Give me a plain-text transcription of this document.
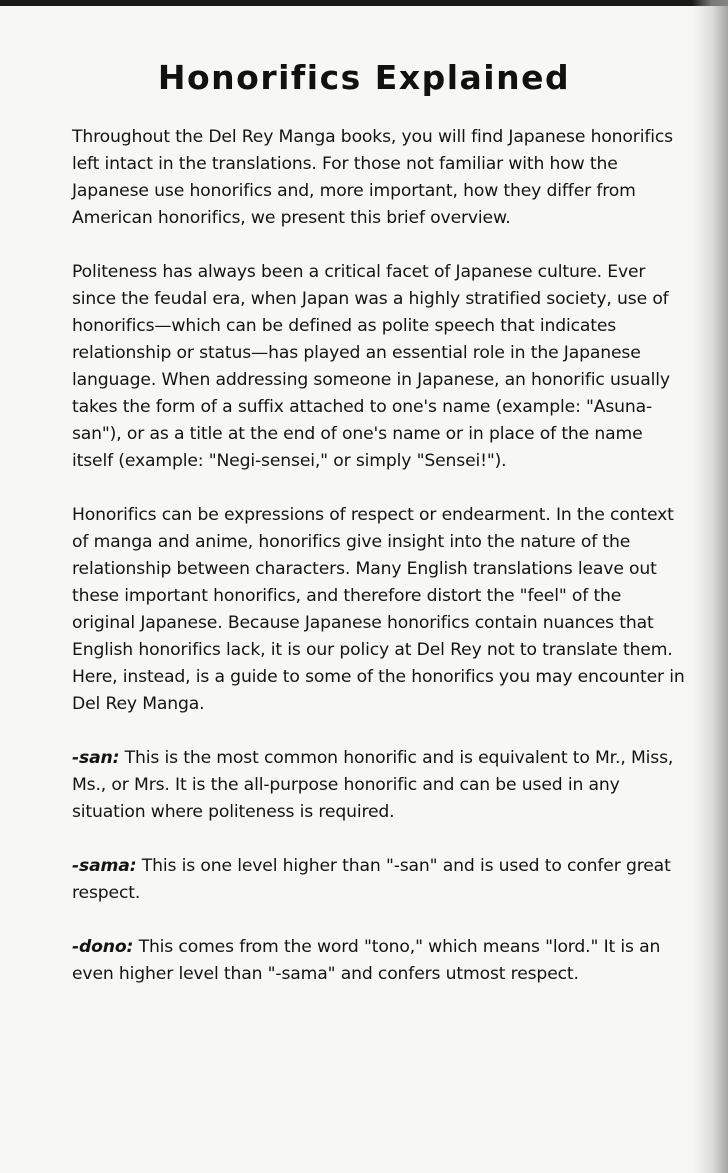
Honorifics Explained

Throughout the Del Rey Manga books, you will find Japanese honorifics left intact in the translations. For those not familiar with how the Japanese use honorifics and, more important, how they differ from American honorifics, we present this brief overview.

Politeness has always been a critical facet of Japanese culture. Ever since the feudal era, when Japan was a highly stratified society, use of honorifics—which can be defined as polite speech that indicates relationship or status—has played an essential role in the Japanese language. When addressing someone in Japanese, an honorific usually takes the form of a suffix attached to one's name (example: "Asuna-san"), or as a title at the end of one's name or in place of the name itself (example: "Negi-sensei," or simply "Sensei!").

Honorifics can be expressions of respect or endearment. In the context of manga and anime, honorifics give insight into the nature of the relationship between characters. Many English translations leave out these important honorifics, and therefore distort the "feel" of the original Japanese. Because Japanese honorifics contain nuances that English honorifics lack, it is our policy at Del Rey not to translate them. Here, instead, is a guide to some of the honorifics you may encounter in Del Rey Manga.

-san: This is the most common honorific and is equivalent to Mr., Miss, Ms., or Mrs. It is the all-purpose honorific and can be used in any situation where politeness is required.

-sama: This is one level higher than "-san" and is used to confer great respect.

-dono: This comes from the word "tono," which means "lord." It is an even higher level than "-sama" and confers utmost respect.
